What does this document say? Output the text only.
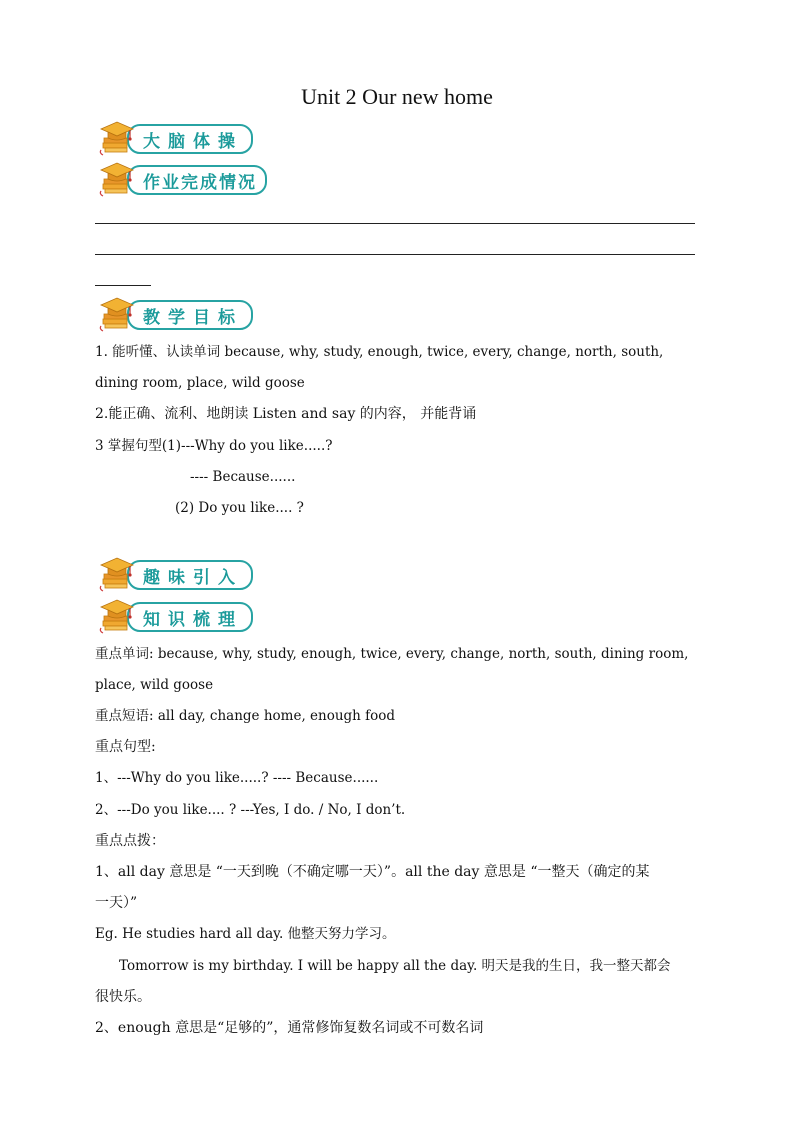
Unit 2 Our new home
大脑体操
作业完成情况
教学目标
1. 能听懂、认读单词 because, why, study, enough, twice, every, change, north, south,
dining room, place, wild goose
2.能正确、流利、地朗读 Listen and say 的内容， 并能背诵
3 掌握句型(1)---Why do you like.....?
---- Because......
(2) Do you like.... ?
趣味引入
知识梳理
重点单词: because, why, study, enough, twice, every, change, north, south, dining room,
place, wild goose
重点短语: all day, change home, enough food
重点句型:
1、---Why do you like.....? ---- Because......
2、---Do you like.... ? ---Yes, I do. / No, I don’t.
重点点拨：
1、all day 意思是 “一天到晚（不确定哪一天）”。all the day 意思是 “一整天（确定的某
一天）”
Eg. He studies hard all day. 他整天努力学习。
Tomorrow is my birthday. I will be happy all the day. 明天是我的生日，我一整天都会
很快乐。
2、enough 意思是“足够的”，通常修饰复数名词或不可数名词
